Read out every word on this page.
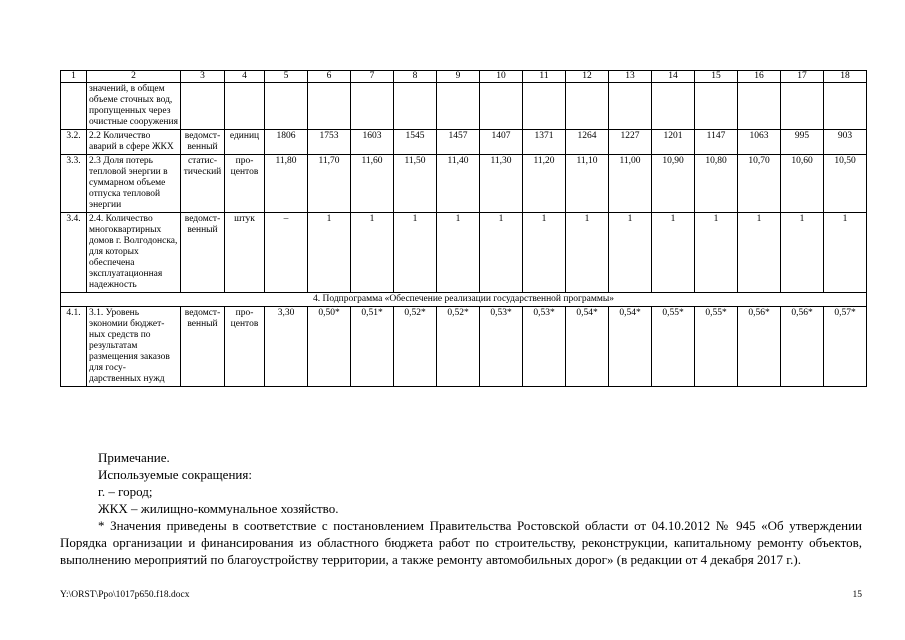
1	2	3	4	5	6	7	8	9	10	11	12	13	14	15	16	17	18
	значений, в общем объеме сточных вод, пропущенных через очистные сооружения																
3.2.	2.2 Количество аварий в сфере ЖКХ	ведомст-венный	единиц	1806	1753	1603	1545	1457	1407	1371	1264	1227	1201	1147	1063	995	903
3.3.	2.3 Доля потерь тепловой энергии в суммарном объеме отпуска тепловой энергии	статис-тический	про-центов	11,80	11,70	11,60	11,50	11,40	11,30	11,20	11,10	11,00	10,90	10,80	10,70	10,60	10,50
3.4.	2.4. Количество многоквартирных домов г. Волгодонска, для которых обеспечена эксплуатационная надежность	ведомст-венный	штук	–	1	1	1	1	1	1	1	1	1	1	1	1	1
4. Подпрограмма «Обеспечение реализации государственной программы»																	
4.1.	3.1. Уровень экономии бюджет-ных средств по результатам размещения заказов для госу-дарственных нужд	ведомст-венный	про-центов	3,30	0,50*	0,51*	0,52*	0,52*	0,53*	0,53*	0,54*	0,54*	0,55*	0,55*	0,56*	0,56*	0,57*

Примечание.

Используемые сокращения:

г. – город;

ЖКХ – жилищно-коммунальное хозяйство.

* Значения приведены в соответствие с постановлением Правительства Ростовской области от 04.10.2012 № 945 «Об утверждении Порядка организации и финансирования из областного бюджета работ по строительству, реконструкции, капитальному ремонту объектов, выполнению мероприятий по благоустройству территории, а также ремонту автомобильных дорог» (в редакции от 4 декабря 2017 г.).

Y:\ORST\Ppo\1017p650.f18.docx	15
